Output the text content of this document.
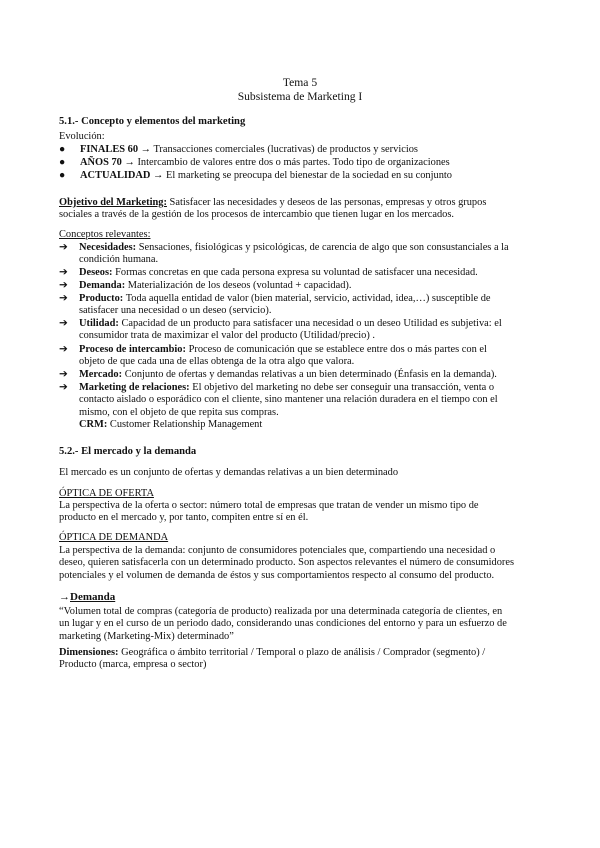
Tema 5
Subsistema de Marketing I
5.1.- Concepto y elementos del marketing
Evolución:
●	FINALES 60 → Transacciones comerciales (lucrativas) de productos y servicios
●	AÑOS 70 → Intercambio de valores entre dos o más partes. Todo tipo de organizaciones
●	ACTUALIDAD → El marketing se preocupa del bienestar de la sociedad en su conjunto
Objetivo del Marketing: Satisfacer las necesidades y deseos de las personas, empresas y otros grupos
sociales a través de la gestión de los procesos de intercambio que tienen lugar en los mercados.
Conceptos relevantes:
➔ Necesidades: Sensaciones, fisiológicas y psicológicas, de carencia de algo que son consustanciales a la
condición humana.
➔ Deseos: Formas concretas en que cada persona expresa su voluntad de satisfacer una necesidad.
➔ Demanda: Materialización de los deseos (voluntad + capacidad).
➔ Producto: Toda aquella entidad de valor (bien material, servicio, actividad, idea,…) susceptible de
satisfacer una necesidad o un deseo (servicio).
➔ Utilidad: Capacidad de un producto para satisfacer una necesidad o un deseo Utilidad es subjetiva: el
consumidor trata de maximizar el valor del producto (Utilidad/precio) .
➔ Proceso de intercambio: Proceso de comunicación que se establece entre dos o más partes con el
objeto de que cada una de ellas obtenga de la otra algo que valora.
➔ Mercado: Conjunto de ofertas y demandas relativas a un bien determinado (Énfasis en la demanda).
➔ Marketing de relaciones: El objetivo del marketing no debe ser conseguir una transacción, venta o
contacto aislado o esporádico con el cliente, sino mantener una relación duradera en el tiempo con el
mismo, con el objeto de que repita sus compras.
CRM: Customer Relationship Management
5.2.- El mercado y la demanda
El mercado es un conjunto de ofertas y demandas relativas a un bien determinado
ÓPTICA DE OFERTA
La perspectiva de la oferta o sector: número total de empresas que tratan de vender un mismo tipo de
producto en el mercado y, por tanto, compiten entre sí en él.
ÓPTICA DE DEMANDA
La perspectiva de la demanda: conjunto de consumidores potenciales que, compartiendo una necesidad o
deseo, quieren satisfacerla con un determinado producto. Son aspectos relevantes el número de consumidores
potenciales y el volumen de demanda de éstos y sus comportamientos respecto al consumo del producto.
→Demanda
“Volumen total de compras (categoría de producto) realizada por una determinada categoría de clientes, en
un lugar y en el curso de un periodo dado, considerando unas condiciones del entorno y para un esfuerzo de
marketing (Marketing-Mix) determinado”
Dimensiones: Geográfica o ámbito territorial / Temporal o plazo de análisis / Comprador (segmento) /
Producto (marca, empresa o sector)
